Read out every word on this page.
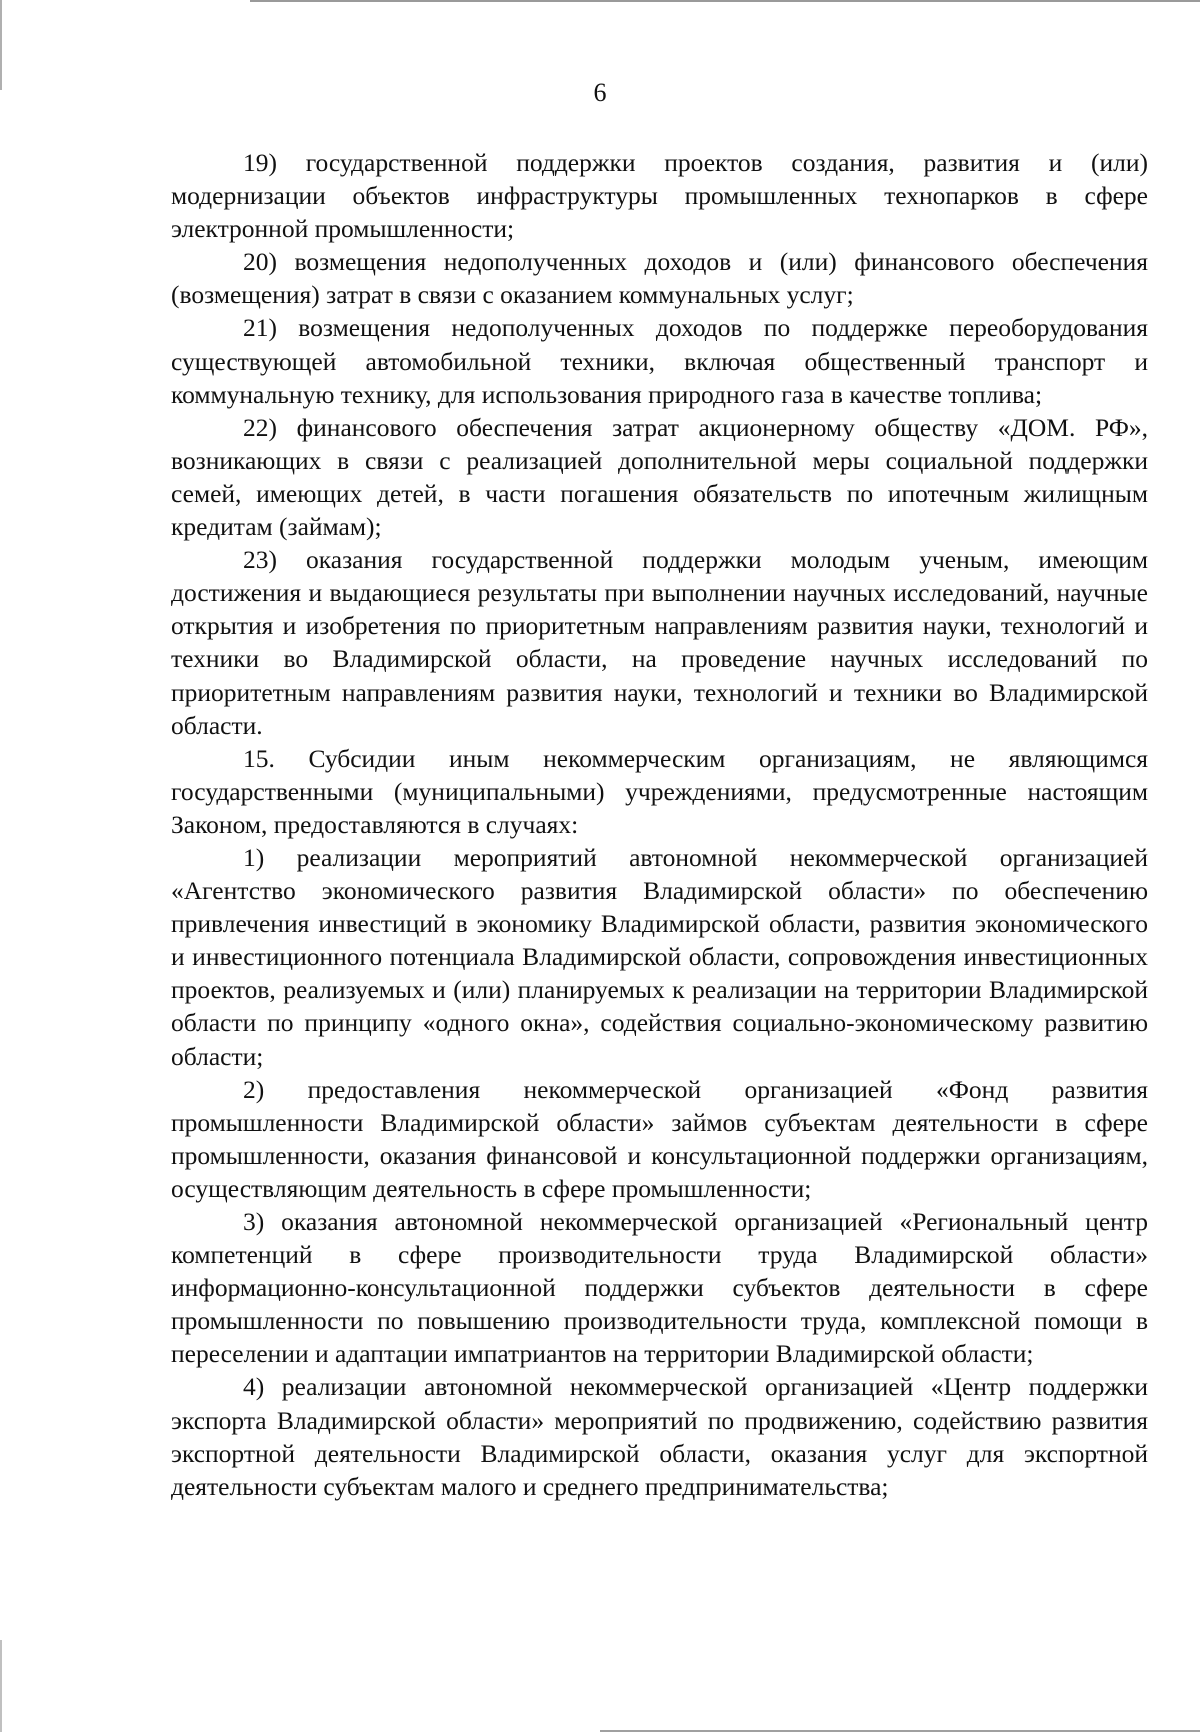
6

19) государственной поддержки проектов создания, развития и (или) модернизации объектов инфраструктуры промышленных технопарков в сфере электронной промышленности;

20) возмещения недополученных доходов и (или) финансового обеспечения (возмещения) затрат в связи с оказанием коммунальных услуг;

21) возмещения недополученных доходов по поддержке переоборудования существующей автомобильной техники, включая общественный транспорт и коммунальную технику, для использования природного газа в качестве топлива;

22) финансового обеспечения затрат акционерному обществу «ДОМ. РФ», возникающих в связи с реализацией дополнительной меры социальной поддержки семей, имеющих детей, в части погашения обязательств по ипотечным жилищным кредитам (займам);

23) оказания государственной поддержки молодым ученым, имеющим достижения и выдающиеся результаты при выполнении научных исследований, научные открытия и изобретения по приоритетным направлениям развития науки, технологий и техники во Владимирской области, на проведение научных исследований по приоритетным направлениям развития науки, технологий и техники во Владимирской области.

15. Субсидии иным некоммерческим организациям, не являющимся государственными (муниципальными) учреждениями, предусмотренные настоящим Законом, предоставляются в случаях:

1) реализации мероприятий автономной некоммерческой организацией «Агентство экономического развития Владимирской области» по обеспечению привлечения инвестиций в экономику Владимирской области, развития экономического и инвестиционного потенциала Владимирской области, сопровождения инвестиционных проектов, реализуемых и (или) планируемых к реализации на территории Владимирской области по принципу «одного окна», содействия социально-экономическому развитию области;

2) предоставления некоммерческой организацией «Фонд развития промышленности Владимирской области» займов субъектам деятельности в сфере промышленности, оказания финансовой и консультационной поддержки организациям, осуществляющим деятельность в сфере промышленности;

3) оказания автономной некоммерческой организацией «Региональный центр компетенций в сфере производительности труда Владимирской области» информационно-консультационной поддержки субъектов деятельности в сфере промышленности по повышению производительности труда, комплексной помощи в переселении и адаптации импатриантов на территории Владимирской области;

4) реализации автономной некоммерческой организацией «Центр поддержки экспорта Владимирской области» мероприятий по продвижению, содействию развития экспортной деятельности Владимирской области, оказания услуг для экспортной деятельности субъектам малого и среднего предпринимательства;
